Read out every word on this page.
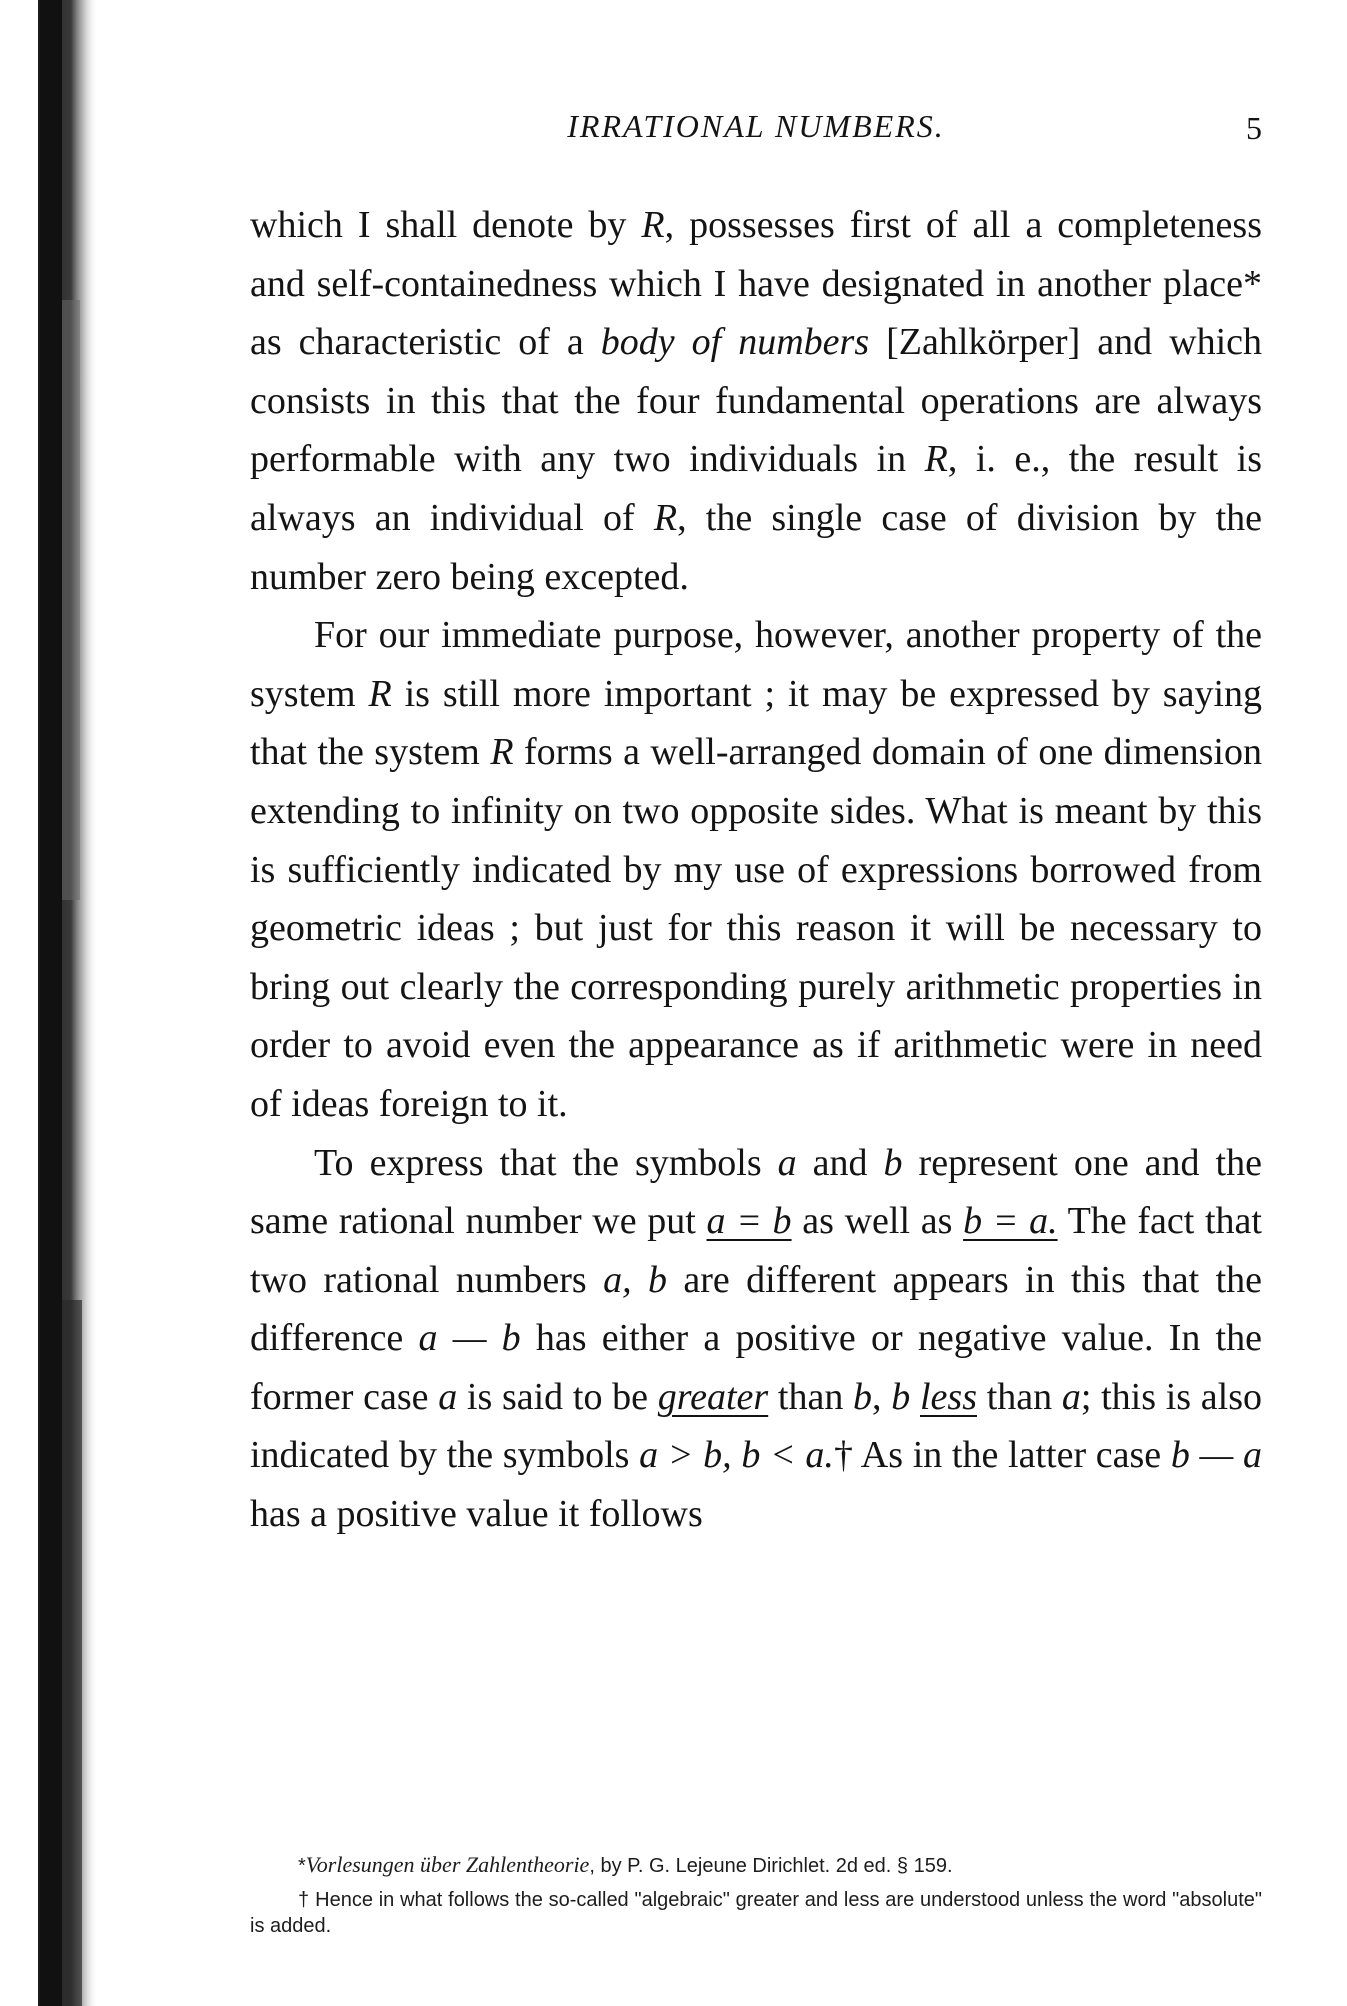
IRRATIONAL NUMBERS.	5

which I shall denote by R, possesses first of all a completeness and self-containedness which I have designated in another place* as characteristic of a body of numbers [Zahlkörper] and which consists in this that the four fundamental operations are always performable with any two individuals in R, i. e., the result is always an individual of R, the single case of division by the number zero being excepted.

For our immediate purpose, however, another property of the system R is still more important ; it may be expressed by saying that the system R forms a well-arranged domain of one dimension extending to infinity on two opposite sides. What is meant by this is sufficiently indicated by my use of expressions borrowed from geometric ideas ; but just for this reason it will be necessary to bring out clearly the corresponding purely arithmetic properties in order to avoid even the appearance as if arithmetic were in need of ideas foreign to it.

To express that the symbols a and b represent one and the same rational number we put a = b as well as b = a. The fact that two rational numbers a, b are different appears in this that the difference a — b has either a positive or negative value. In the former case a is said to be greater than b, b less than a; this is also indicated by the symbols a > b, b < a.† As in the latter case b — a has a positive value it follows

*Vorlesungen über Zahlentheorie, by P. G. Lejeune Dirichlet. 2d ed. § 159.

† Hence in what follows the so-called "algebraic" greater and less are understood unless the word "absolute" is added.
